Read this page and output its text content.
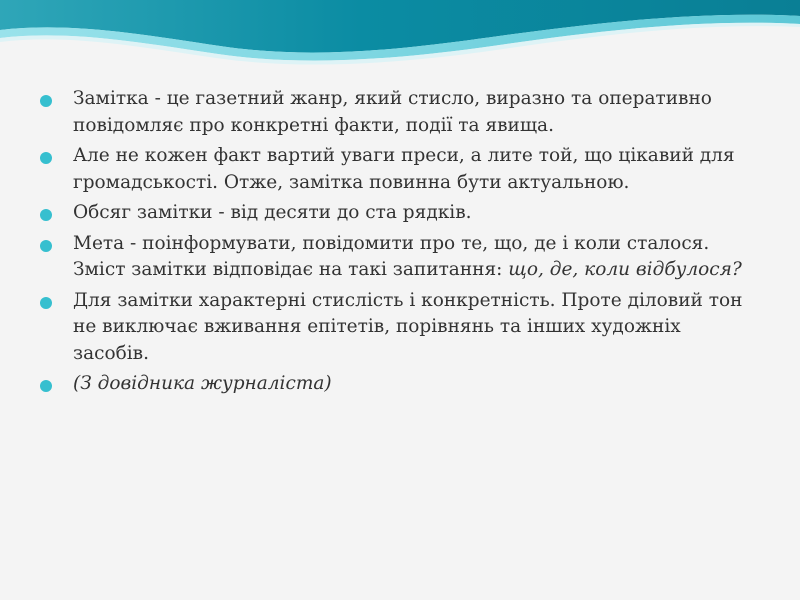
Замітка - це газетний жанр, який стисло, виразно та оперативно повідомляє про конкретні факти, події та явища.
Але не кожен факт вартий уваги преси, а лите той, що цікавий для громадськості. Отже, замітка повинна бути актуальною.
Обсяг замітки - від десяти до ста рядків.
Мета - поінформувати, повідомити про те, що, де і коли сталося. Зміст замітки відповідає на такі запитання: що, де, коли відбулося?
Для замітки характерні стислість і конкретність. Проте діловий тон не виключає вживання епітетів, порівнянь та інших художніх засобів.
(З довідника журналіста)
